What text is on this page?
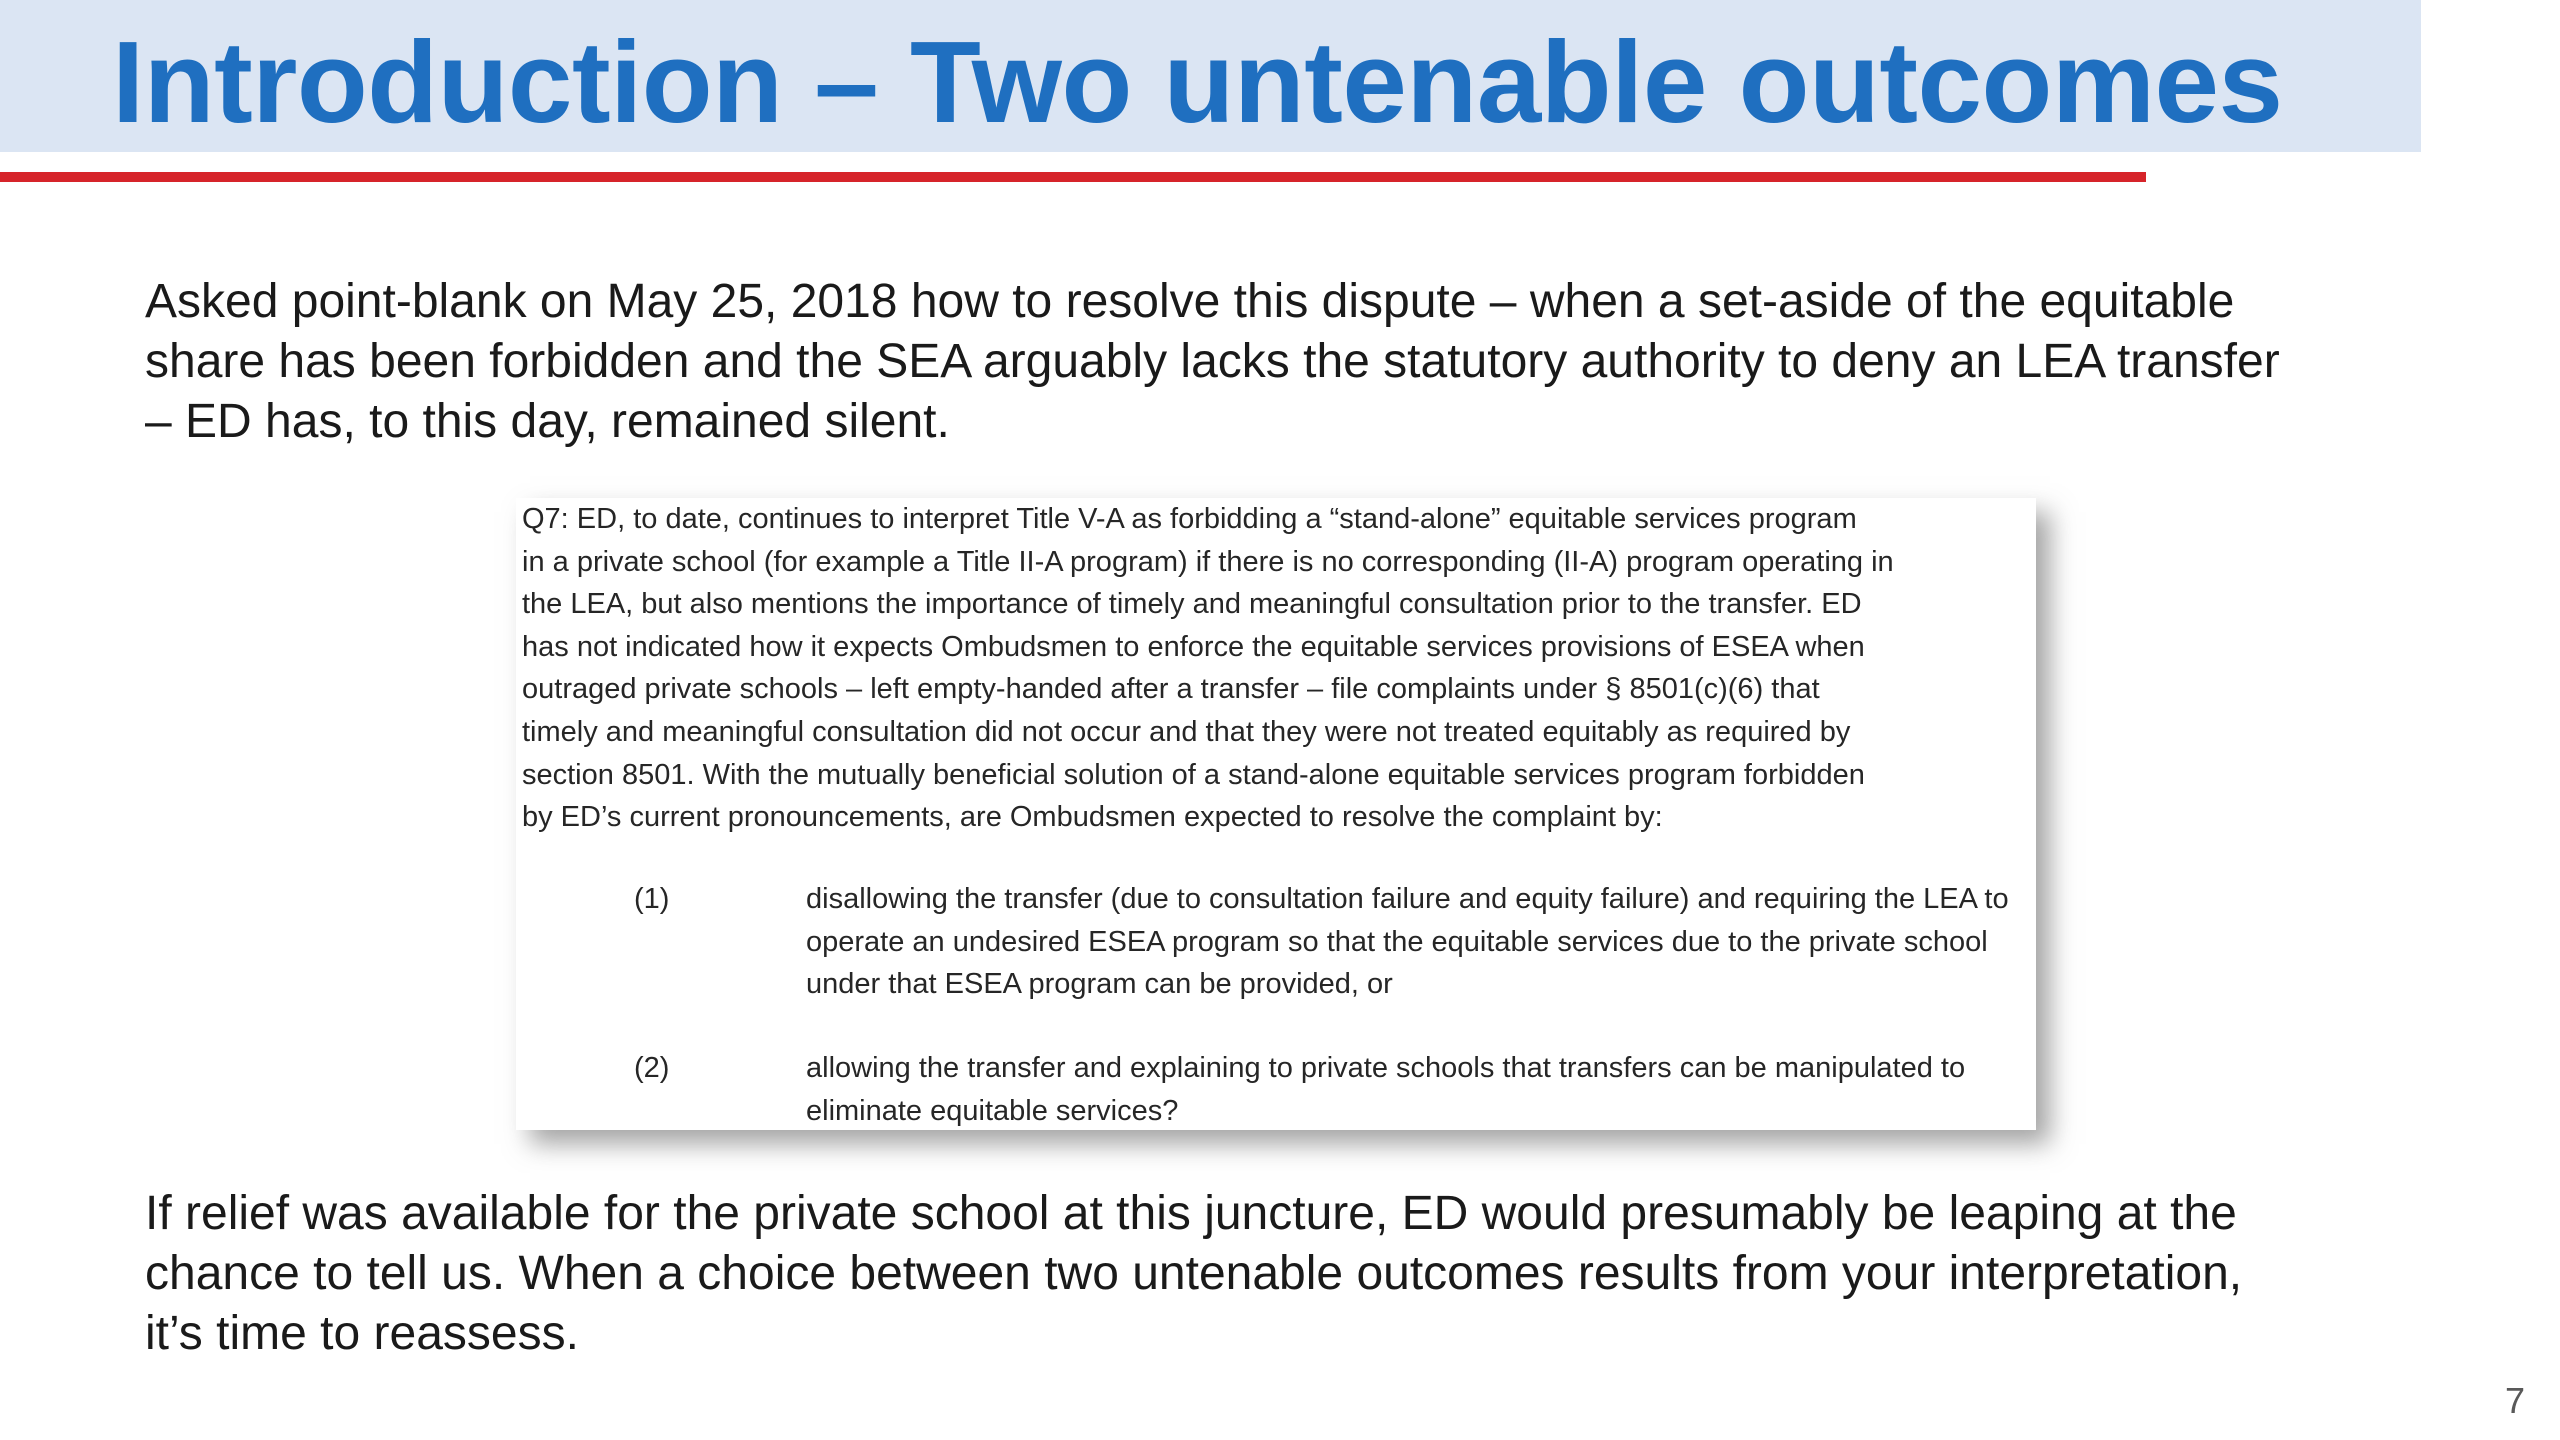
Introduction – Two untenable outcomes

Asked point-blank on May 25, 2018 how to resolve this dispute – when a set-aside of the equitable
share has been forbidden and the SEA arguably lacks the statutory authority to deny an LEA transfer
– ED has, to this day, remained silent.

Q7: ED, to date, continues to interpret Title V-A as forbidding a “stand-alone” equitable services program
in a private school (for example a Title II-A program) if there is no corresponding (II-A) program operating in
the LEA, but also mentions the importance of timely and meaningful consultation prior to the transfer. ED
has not indicated how it expects Ombudsmen to enforce the equitable services provisions of ESEA when
outraged private schools – left empty-handed after a transfer – file complaints under § 8501(c)(6) that
timely and meaningful consultation did not occur and that they were not treated equitably as required by
section 8501. With the mutually beneficial solution of a stand-alone equitable services program forbidden
by ED’s current pronouncements, are Ombudsmen expected to resolve the complaint by:

(1)	disallowing the transfer (due to consultation failure and equity failure) and requiring the LEA to
operate an undesired ESEA program so that the equitable services due to the private school
under that ESEA program can be provided, or
(2)	allowing the transfer and explaining to private schools that transfers can be manipulated to
eliminate equitable services?

If relief was available for the private school at this juncture, ED would presumably be leaping at the
chance to tell us. When a choice between two untenable outcomes results from your interpretation,
it’s time to reassess.

7
